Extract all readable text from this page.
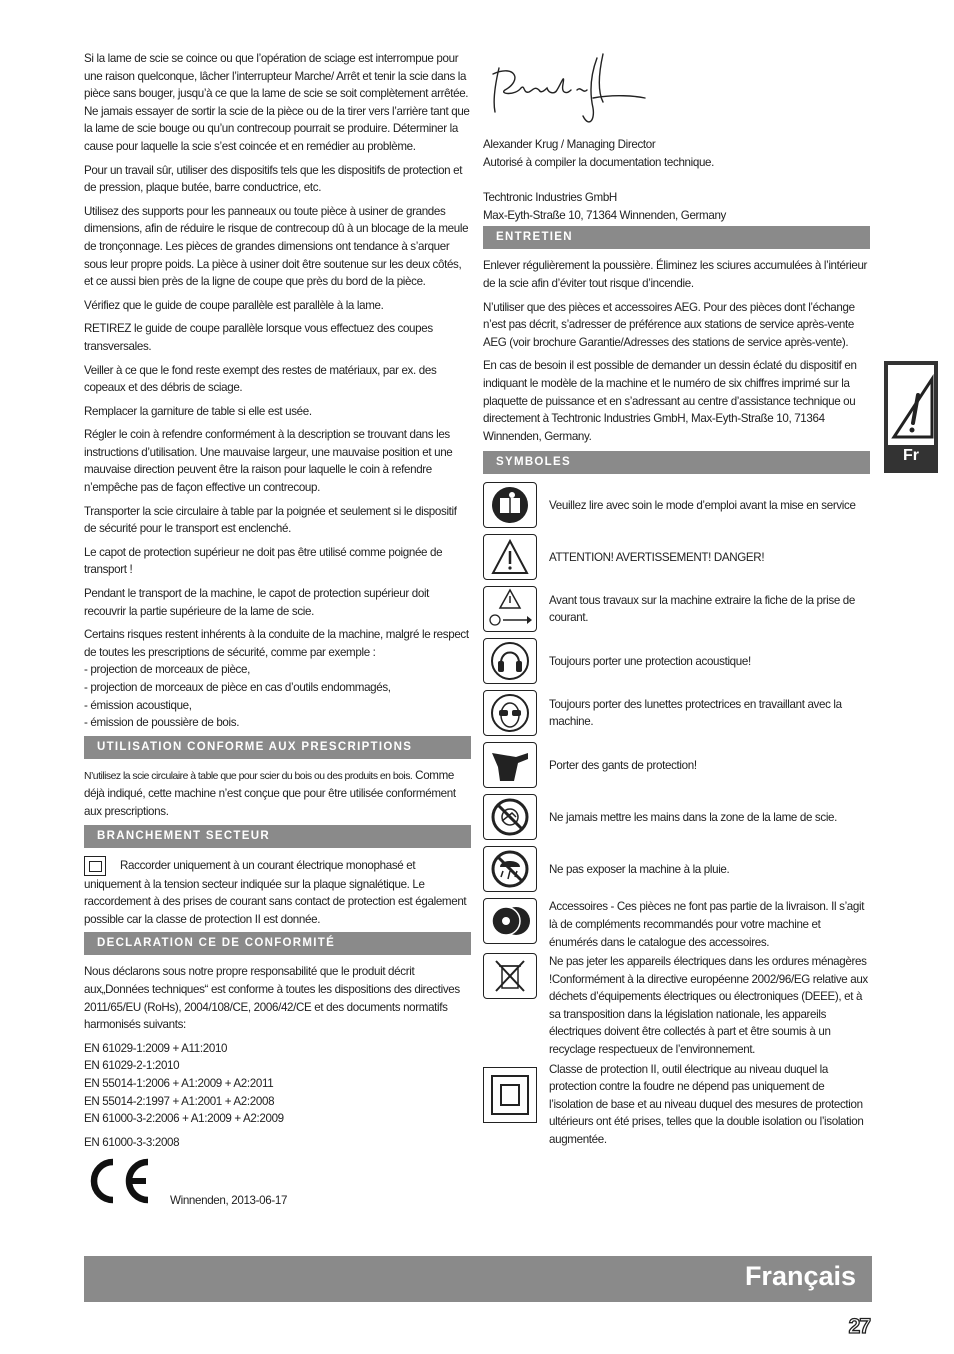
Si la lame de scie se coince ou que l’opération de sciage est interrompue pour une raison quelconque, lâcher l’interrupteur Marche/ Arrêt et tenir la scie dans la pièce sans bouger, jusqu’à ce que la lame de scie se soit complètement arrêtée. Ne jamais essayer de sortir la scie de la pièce ou de la tirer vers l’arrière tant que la lame de scie bouge ou qu’un contrecoup pourrait se produire. Déterminer la cause pour laquelle la scie s’est coincée et en remédier au problème.

Pour un travail sûr, utiliser des dispositifs tels que les dispositifs de protection et de pression, plaque butée, barre conductrice, etc.

Utilisez des supports pour les panneaux ou toute pièce à usiner de grandes dimensions, afin de réduire le risque de contrecoup dû à un blocage de la meule de tronçonnage. Les pièces de grandes dimensions ont tendance à s’arquer sous leur propre poids. La pièce à usiner doit être soutenue sur les deux côtés, et ce aussi bien près de la ligne de coupe que près du bord de la pièce.

Vérifiez que le guide de coupe parallèle est parallèle à la lame.

RETIREZ le guide de coupe parallèle lorsque vous effectuez des coupes transversales.

Veiller à ce que le fond reste exempt des restes de matériaux, par ex. des copeaux et des débris de sciage.

Remplacer la garniture de table si elle est usée.

Régler le coin à refendre conformément à la description se trouvant dans les instructions d’utilisation. Une mauvaise largeur, une mauvaise position et une mauvaise direction peuvent être la raison pour laquelle le coin à refendre n’empêche pas de façon effective un contrecoup.

Transporter la scie circulaire à table par la poignée et seulement si le dispositif de sécurité pour le transport est enclenché.

Le capot de protection supérieur ne doit pas être utilisé comme poignée de transport !

Pendant le transport de la machine, le capot de protection supérieur doit recouvrir la partie supérieure de la lame de scie.

Certains risques restent inhérents à la conduite de la machine, malgré le respect de toutes les prescriptions de sécurité, comme par exemple :
- projection de morceaux de pièce,
- projection de morceaux de pièce en cas d’outils endommagés,
- émission acoustique,
- émission de poussière de bois.
UTILISATION CONFORME AUX PRESCRIPTIONS

N’utilisez la scie circulaire à table que pour scier du bois ou des produits en bois. Comme déjà indiqué, cette machine n’est conçue que pour être utilisée conformément aux prescriptions.

BRANCHEMENT SECTEUR

Raccorder uniquement à un courant électrique monophasé et uniquement à la tension secteur indiquée sur la plaque signalétique. Le raccordement à des prises de courant sans contact de protection est également possible car la classe de protection II est donnée.

DECLARATION CE DE CONFORMITÉ

Nous déclarons sous notre propre responsabilité que le produit décrit aux„Données techniques“ est conforme à toutes les dispositions des directives 2011/65/EU (RoHs), 2004/108/CE, 2006/42/CE et des documents normatifs harmonisés suivants:

EN 61029-1:2009 + A11:2010
EN 61029-2-1:2010
EN 55014-1:2006 + A1:2009 + A2:2011
EN 55014-2:1997 + A1:2001 + A2:2008
EN 61000-3-2:2006 + A1:2009 + A2:2009

EN 61000-3-3:2008

Winnenden, 2013-06-17
Alexander Krug / Managing Director
Autorisé à compiler la documentation technique.
Techtronic Industries GmbH
Max-Eyth-Straße 10, 71364 Winnenden, Germany
ENTRETIEN

Enlever régulièrement la poussière. Éliminez les sciures accumulées à l’intérieur de la scie afin d’éviter tout risque d’incendie.

N’utiliser que des pièces et accessoires AEG. Pour des pièces dont l’échange n’est pas décrit, s’adresser de préférence aux stations de service après-vente AEG (voir brochure Garantie/Adresses des stations de service après-vente).

En cas de besoin il est possible de demander un dessin éclaté du dispositif en indiquant le modèle de la machine et le numéro de six chiffres imprimé sur la plaquette de puissance et en s’adressant au centre d’assistance technique ou directement à Techtronic Industries GmbH, Max-Eyth-Straße 10, 71364 Winnenden, Germany.

SYMBOLES
Veuillez lire avec soin le mode d’emploi avant la mise en service
ATTENTION! AVERTISSEMENT! DANGER!
Avant tous travaux sur la machine extraire la fiche de la prise de courant.
Toujours porter une protection acoustique!
Toujours porter des lunettes protectrices en travaillant avec la machine.
Porter des gants de protection!
Ne jamais mettre les mains dans la zone de la lame de scie.
Ne pas exposer la machine à la pluie.
Accessoires - Ces pièces ne font pas partie de la livraison. Il s’agit là de compléments recommandés pour votre machine et énumérés dans le catalogue des accessoires.
Ne pas jeter les appareils électriques dans les ordures ménagères !Conformément à la directive européenne 2002/96/EG relative aux déchets d’équipements électriques ou électroniques (DEEE), et à sa transposition dans la législation nationale, les appareils électriques doivent être collectés à part et être soumis à un recyclage respectueux de l’environnement.
Classe de protection II, outil électrique au niveau duquel la protection contre la foudre ne dépend pas uniquement de l’isolation de base et au niveau duquel des mesures de protection ultérieurs ont été prises, telles que la double isolation ou l’isolation augmentée.
Fr
Français
27
